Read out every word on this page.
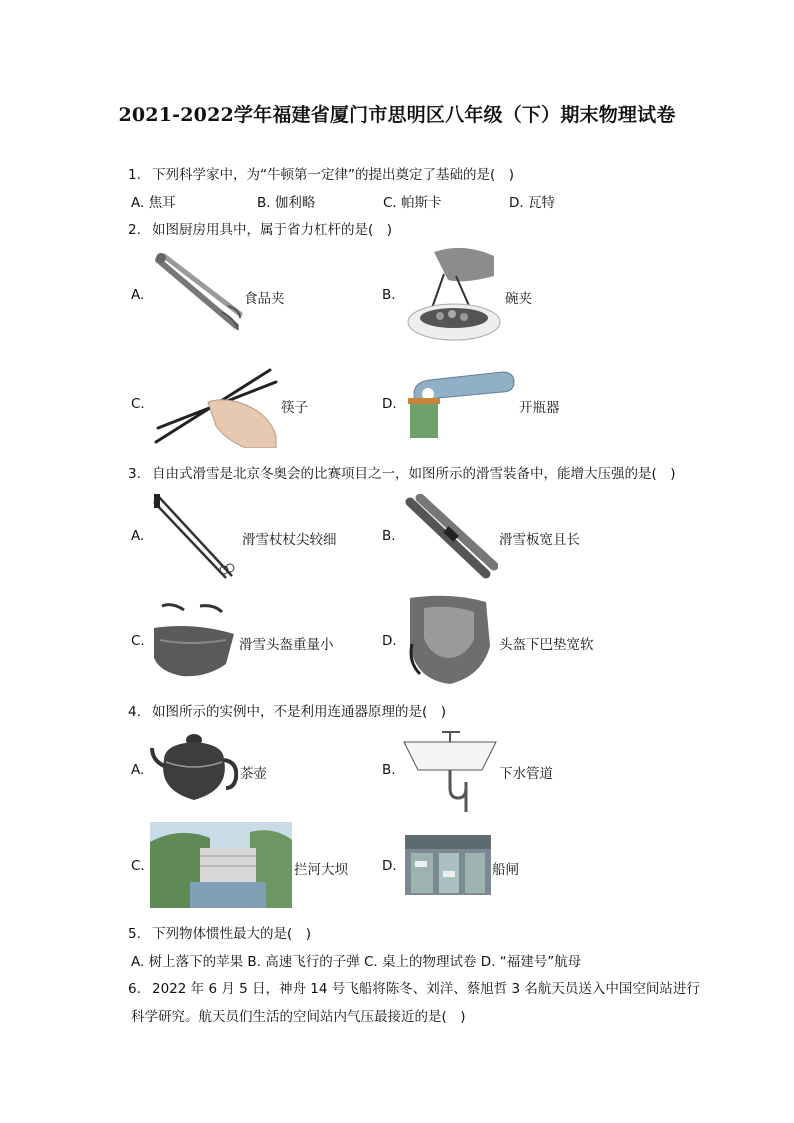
2021-2022学年福建省厦门市思明区八年级（下）期末物理试卷
1. 下列科学家中，为“牛顿第一定律”的提出奠定了基础的是(　)
A. 焦耳	B. 伽利略	C. 帕斯卡	D. 瓦特
2. 如图厨房用具中，属于省力杠杆的是(　)
A.	食品夹	B.	碗夹
C.	筷子	D.	开瓶器
3. 自由式滑雪是北京冬奥会的比赛项目之一，如图所示的滑雪装备中，能增大压强的是(　)
A.	滑雪杖杖尖较细	B.	滑雪板宽且长
C.	滑雪头盔重量小	D.	头盔下巴垫宽软
4. 如图所示的实例中，不是利用连通器原理的是(　)
A.	茶壶	B.	下水管道
C.	拦河大坝	D.	船闸
5. 下列物体惯性最大的是(　)
A. 树上落下的苹果 B. 高速飞行的子弹 C. 桌上的物理试卷 D. “福建号”航母
6. 2022 年 6 月 5 日，神舟 14 号飞船将陈冬、刘洋、蔡旭哲 3 名航天员送入中国空间站进行
科学研究。航天员们生活的空间站内气压最接近的是(　)
